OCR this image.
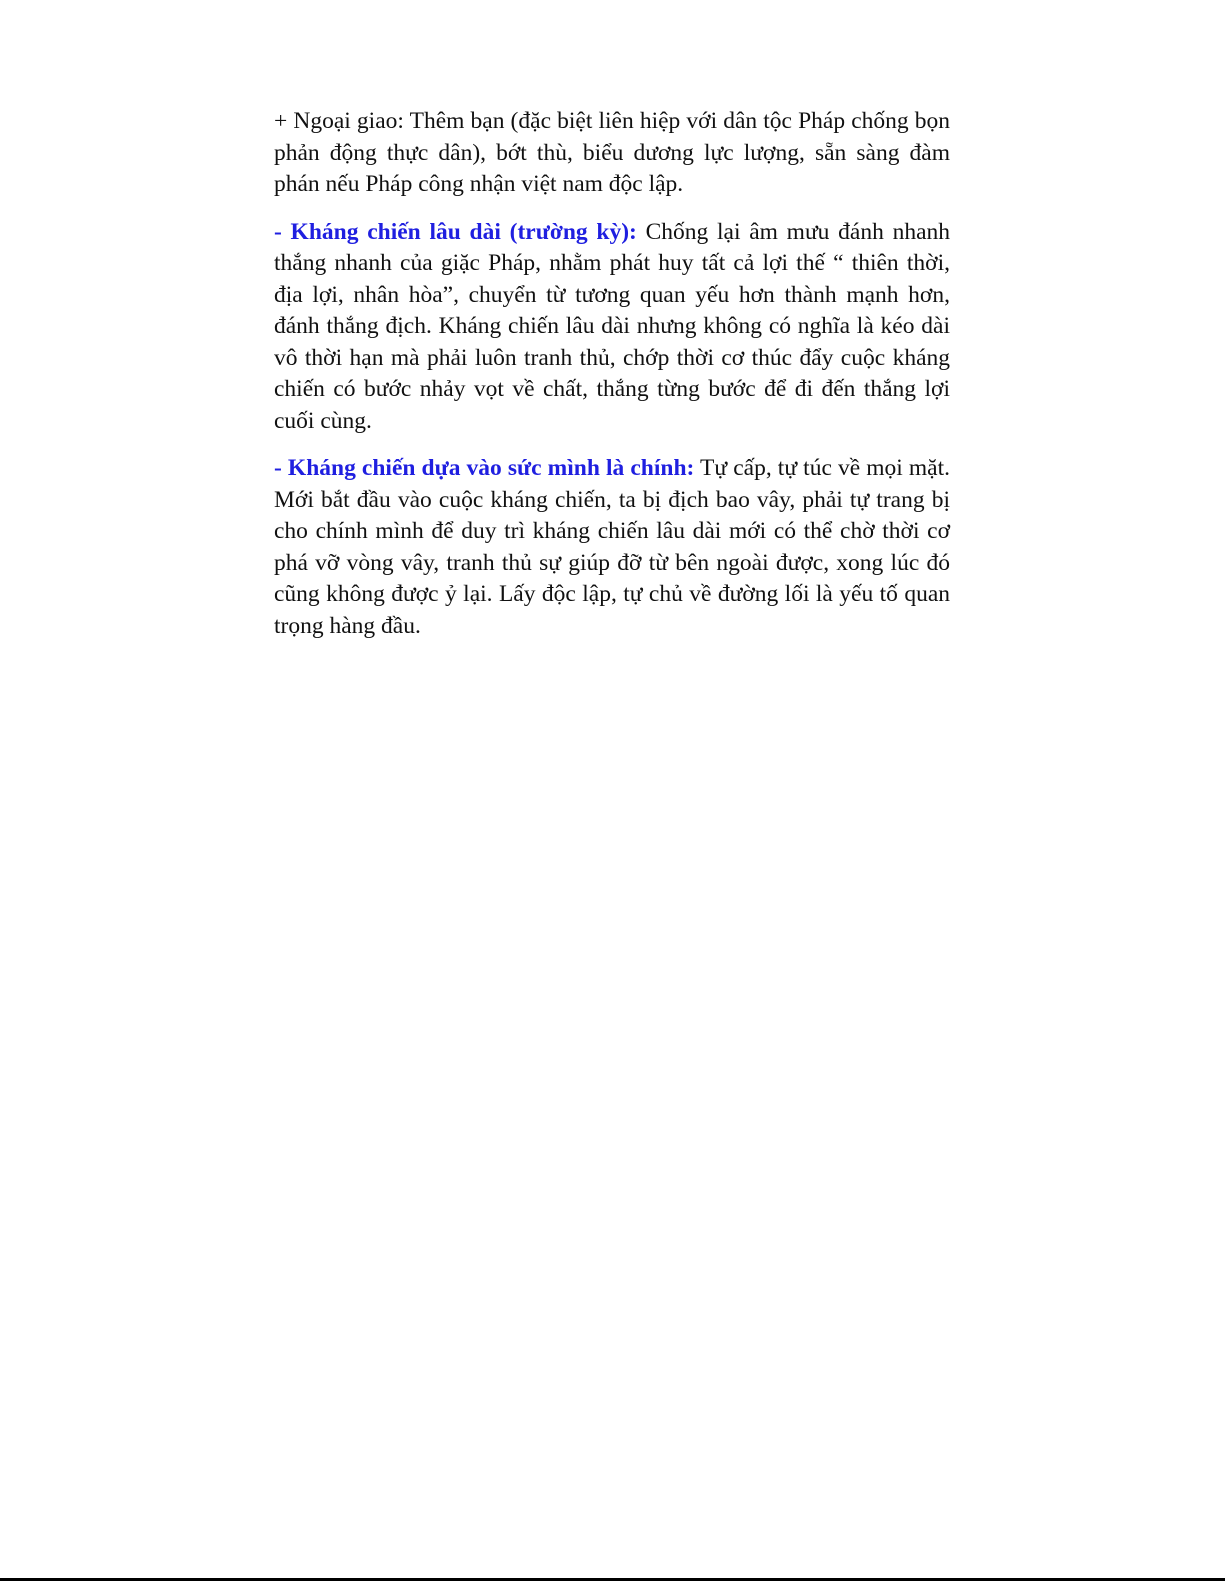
+ Ngoại giao: Thêm bạn (đặc biệt liên hiệp với dân tộc Pháp chống bọn phản động thực dân), bớt thù, biểu dương lực lượng, sẵn sàng đàm phán nếu Pháp công nhận việt nam độc lập.

- Kháng chiến lâu dài (trường kỳ): Chống lại âm mưu đánh nhanh thắng nhanh của giặc Pháp, nhằm phát huy tất cả lợi thế “ thiên thời, địa lợi, nhân hòa”, chuyển từ tương quan yếu hơn thành mạnh hơn, đánh thắng địch. Kháng chiến lâu dài nhưng không có nghĩa là kéo dài vô thời hạn mà phải luôn tranh thủ, chớp thời cơ thúc đẩy cuộc kháng chiến có bước nhảy vọt về chất, thắng từng bước để đi đến thắng lợi cuối cùng.

- Kháng chiến dựa vào sức mình là chính: Tự cấp, tự túc về mọi mặt. Mới bắt đầu vào cuộc kháng chiến, ta bị địch bao vây, phải tự trang bị cho chính mình để duy trì kháng chiến lâu dài mới có thể chờ thời cơ phá vỡ vòng vây, tranh thủ sự giúp đỡ từ bên ngoài được, xong lúc đó cũng không được ỷ lại. Lấy độc lập, tự chủ về đường lối là yếu tố quan trọng hàng đầu.
